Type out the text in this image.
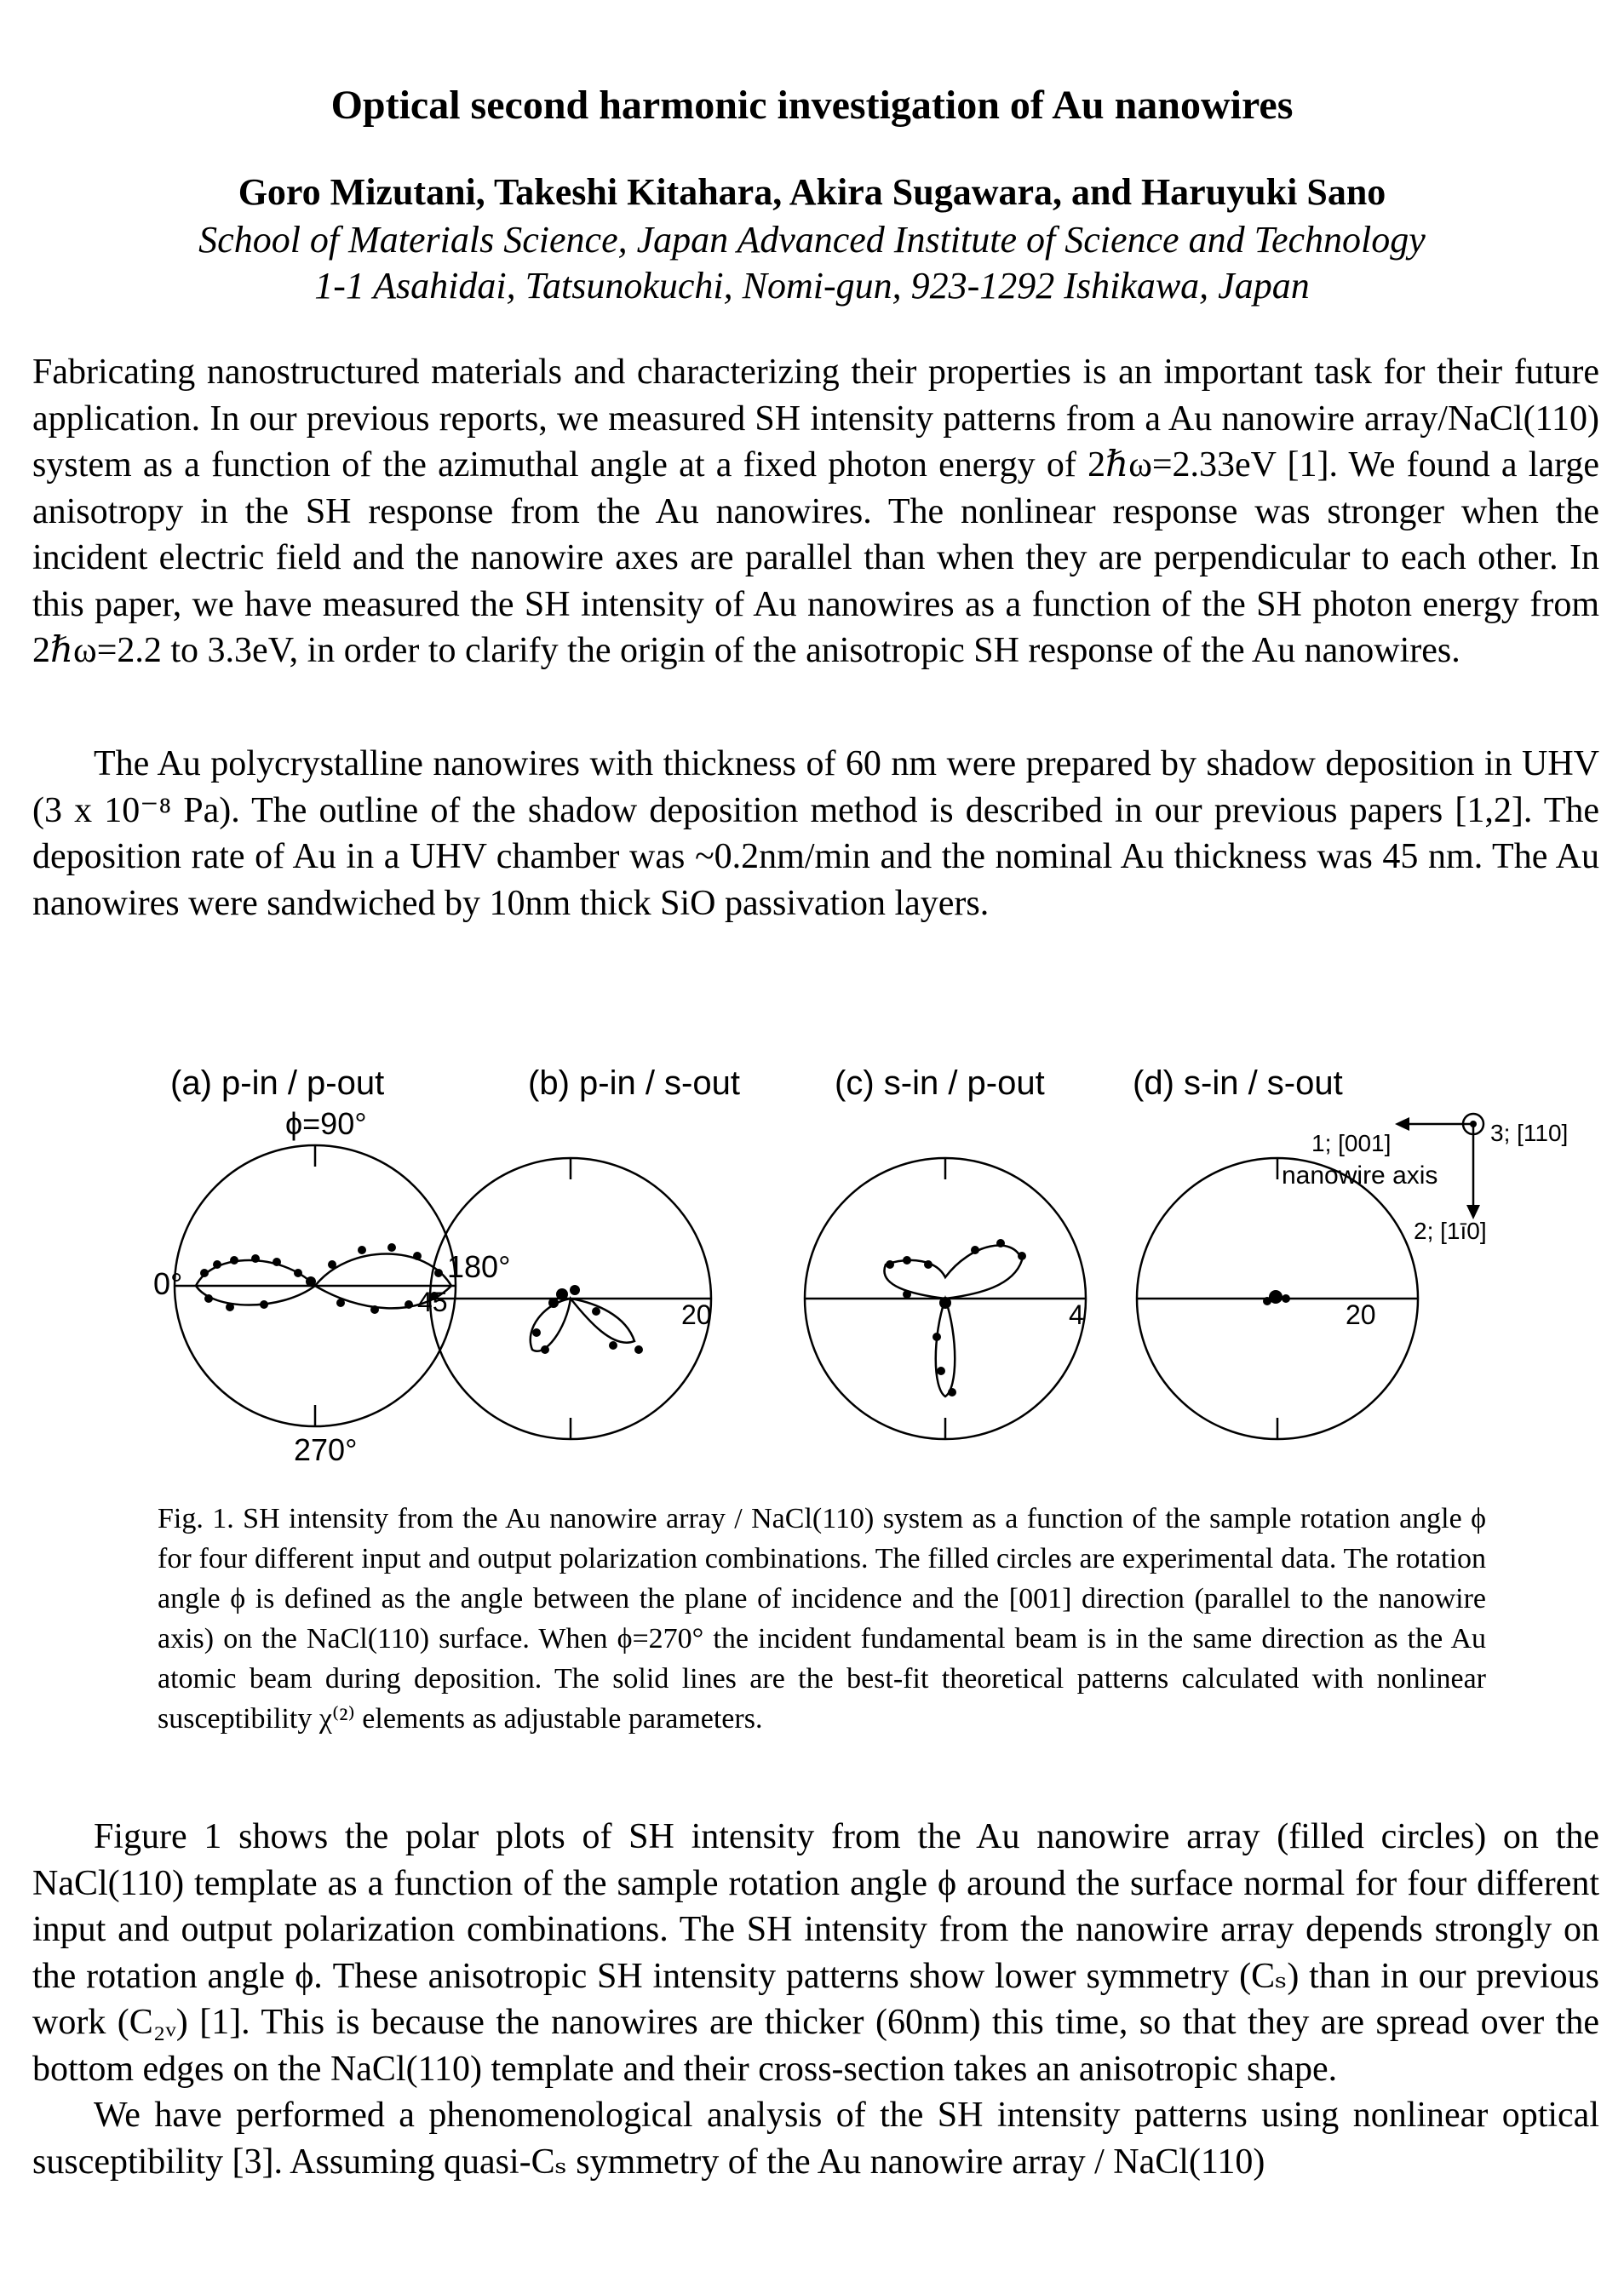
Optical second harmonic investigation of Au nanowires
Goro Mizutani, Takeshi Kitahara, Akira Sugawara, and Haruyuki Sano
School of Materials Science, Japan Advanced Institute of Science and Technology
1-1 Asahidai, Tatsunokuchi, Nomi-gun, 923-1292 Ishikawa, Japan

Fabricating nanostructured materials and characterizing their properties is an important task for their future application. In our previous reports, we measured SH intensity patterns from a Au nanowire array/NaCl(110) system as a function of the azimuthal angle at a fixed photon energy of 2ℏω=2.33eV [1]. We found a large anisotropy in the SH response from the Au nanowires. The nonlinear response was stronger when the incident electric field and the nanowire axes are parallel than when they are perpendicular to each other. In this paper, we have measured the SH intensity of Au nanowires as a function of the SH photon energy from 2ℏω=2.2 to 3.3eV, in order to clarify the origin of the anisotropic SH response of the Au nanowires.

The Au polycrystalline nanowires with thickness of 60 nm were prepared by shadow deposition in UHV (3 x 10⁻⁸ Pa). The outline of the shadow deposition method is described in our previous papers [1,2]. The deposition rate of Au in a UHV chamber was ~0.2nm/min and the nominal Au thickness was 45 nm. The Au nanowires were sandwiched by 10nm thick SiO passivation layers.

(a) p-in / p-out	(b) p-in / s-out	(c) s-in / p-out	(d) s-in / s-out
ϕ=90°
0°	180°
270°
45	20	4	20
1; [001]
nanowire axis
2; [1ī0]
3; [110]

Fig. 1. SH intensity from the Au nanowire array / NaCl(110) system as a function of the sample rotation angle ϕ for four different input and output polarization combinations. The filled circles are experimental data. The rotation angle ϕ is defined as the angle between the plane of incidence and the [001] direction (parallel to the nanowire axis) on the NaCl(110) surface. When ϕ=270° the incident fundamental beam is in the same direction as the Au atomic beam during deposition. The solid lines are the best-fit theoretical patterns calculated with nonlinear susceptibility χ⁽²⁾ elements as adjustable parameters.

Figure 1 shows the polar plots of SH intensity from the Au nanowire array (filled circles) on the NaCl(110) template as a function of the sample rotation angle ϕ around the surface normal for four different input and output polarization combinations. The SH intensity from the nanowire array depends strongly on the rotation angle ϕ. These anisotropic SH intensity patterns show lower symmetry (Cₛ) than in our previous work (C₂ᵥ) [1]. This is because the nanowires are thicker (60nm) this time, so that they are spread over the bottom edges on the NaCl(110) template and their cross-section takes an anisotropic shape.

We have performed a phenomenological analysis of the SH intensity patterns using nonlinear optical susceptibility [3]. Assuming quasi-Cₛ symmetry of the Au nanowire array / NaCl(110)
